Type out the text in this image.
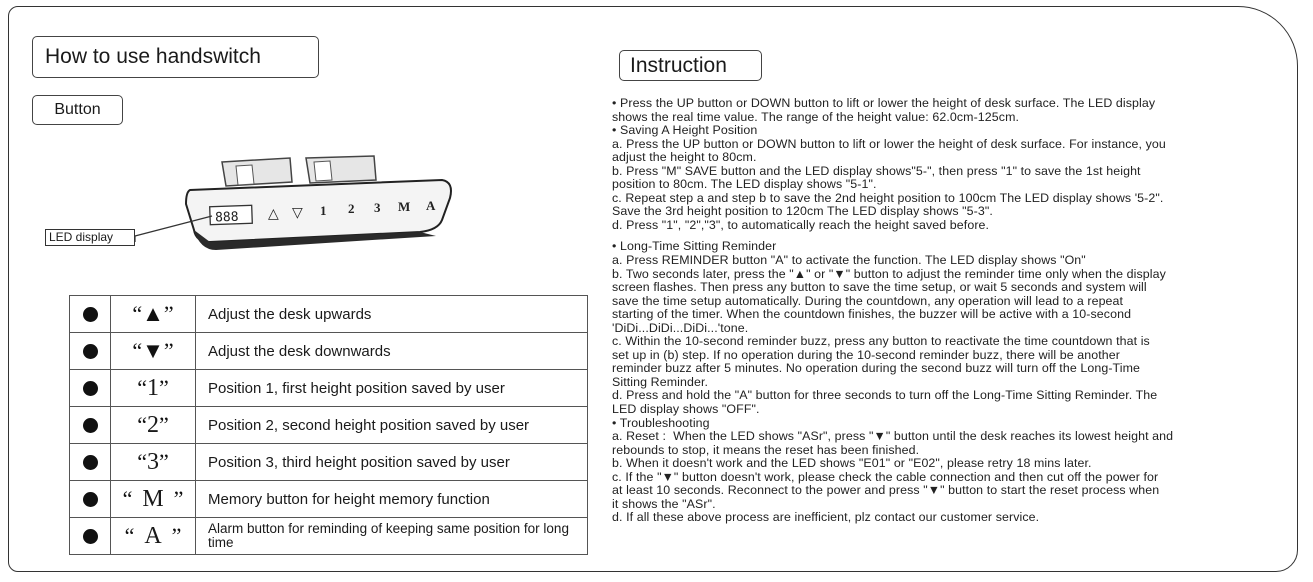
How to use handswitch
Button
888 △ ▽ 1 2 3 M A
LED display
	“▲”	Adjust the desk upwards
	“▼”	Adjust the desk downwards
	“1”	Position 1, first height position saved by user
	“2”	Position 2, second height position saved by user
	“3”	Position 3, third height position saved by user
	“ M ”	Memory button for height memory function
	“ A ”	Alarm button for reminding of keeping same position for long time
Instruction
• Press the UP button or DOWN button to lift or lower the height of desk surface. The LED display
shows the real time value. The range of the height value: 62.0cm-125cm.
• Saving A Height Position
a. Press the UP button or DOWN button to lift or lower the height of desk surface. For instance, you
adjust the height to 80cm.
b. Press "M" SAVE button and the LED display shows"5-", then press "1" to save the 1st height
position to 80cm. The LED display shows "5-1".
c. Repeat step a and step b to save the 2nd height position to 100cm The LED display shows '5-2".
Save the 3rd height position to 120cm The LED display shows "5-3".
d. Press "1", "2","3", to automatically reach the height saved before.
• Long-Time Sitting Reminder
a. Press REMINDER button "A" to activate the function. The LED display shows "On"
b. Two seconds later, press the "▲" or "▼" button to adjust the reminder time only when the display
screen flashes. Then press any button to save the time setup, or wait 5 seconds and system will
save the time setup automatically. During the countdown, any operation will lead to a repeat
starting of the timer. When the countdown finishes, the buzzer will be active with a 10-second
'DiDi...DiDi...DiDi...'tone.
c. Within the 10-second reminder buzz, press any button to reactivate the time countdown that is
set up in (b) step. If no operation during the 10-second reminder buzz, there will be another
reminder buzz after 5 minutes. No operation during the second buzz will turn off the Long-Time
Sitting Reminder.
d. Press and hold the "A" button for three seconds to turn off the Long-Time Sitting Reminder. The
LED display shows "OFF".
• Troubleshooting
a. Reset :  When the LED shows "ASr", press "▼" button until the desk reaches its lowest height and
rebounds to stop, it means the reset has been finished.
b. When it doesn't work and the LED shows "E01" or "E02", please retry 18 mins later.
c. If the "▼" button doesn't work, please check the cable connection and then cut off the power for
at least 10 seconds. Reconnect to the power and press "▼" button to start the reset process when
it shows the "ASr".
d. If all these above process are inefficient, plz contact our customer service.
